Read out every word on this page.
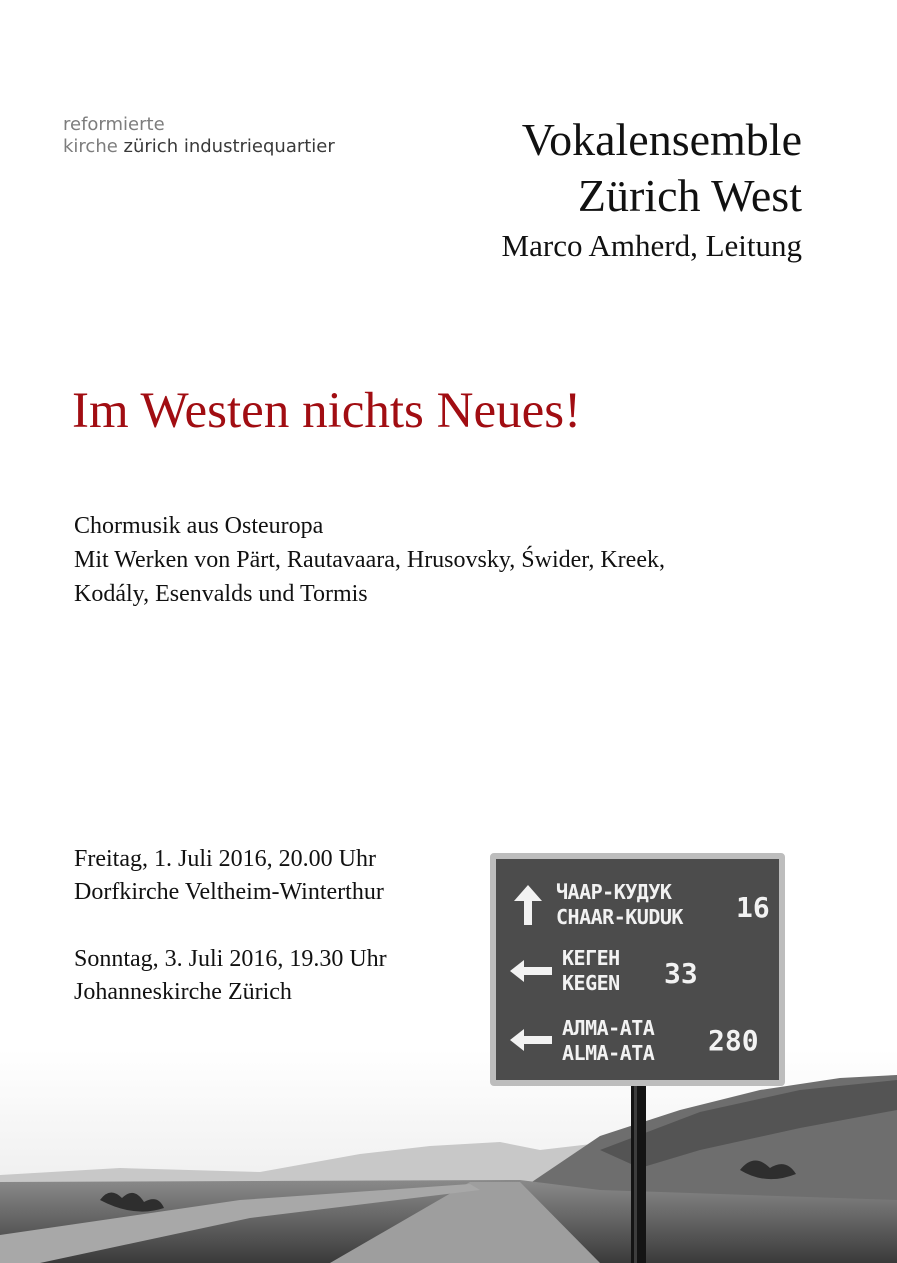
reformierte
kirche zürich industriequartier	Vokalensemble
Zürich West
Marco Amherd, Leitung
Im Westen nichts Neues!
Chormusik aus Osteuropa
Mit Werken von Pärt, Rautavaara, Hrusovsky, Świder, Kreek,
Kodály, Esenvalds und Tormis
Freitag, 1. Juli 2016, 20.00 Uhr
Dorfkirche Veltheim-Winterthur
Sonntag, 3. Juli 2016, 19.30 Uhr
Johanneskirche Zürich
ЧААР-КУДУК
CHAAR-KUDUK 16
КЕГЕН
KEGEN 33
АЛМА-АТА
ALMA-ATA 280
